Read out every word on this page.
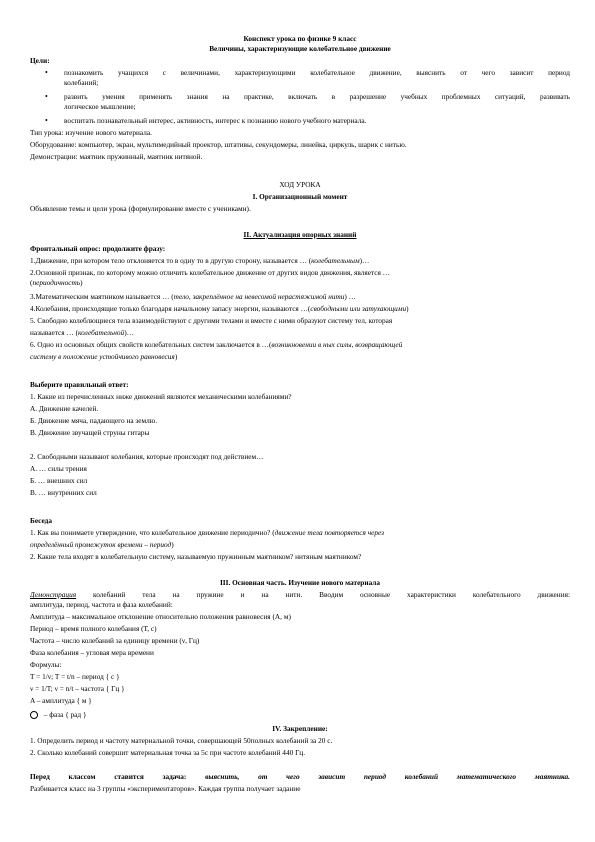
Конспект урока по физике 9 класс
Величины, характеризующие колебательное движение
Цели:
• познакомить учащихся с величинами, характеризующими колебательное движение, выяснить от чего зависит период
колебаний;
• развить умения применять знания на практике, включать в разрешение учебных проблемных ситуаций, развивать
логическое мышление;
• воспитать познавательный интерес, активность, интерес к познанию нового учебного материала.
Тип урока: изучение нового материала.
Оборудование: компьютер, экран, мультимедийный проектор, штативы, секундомеры, линейка, циркуль, шарик с нитью.
Демонстрации: маятник пружинный, маятник нитяной.
ХОД УРОКА
I. Организационный момент
Объявление темы и цели урока (формулирование вместе с учениками).
II. Актуализация опорных знаний
Фронтальный опрос: продолжите фразу:
1.Движение, при котором тело отклоняется то в одну то в другую сторону, называется … (колебательным)…
2.Основной признак, по которому можно отличить колебательное движение от других видов движения, является …
(периодичность)
3.Математическим маятником называется … (тело, закреплённое на невесомой нерастяжимой нити) …
4.Колебания, происходящие только благодаря начальному запасу энергии, называются …(свободными или затухающими)
5. Свободно колеблющиеся тела взаимодействуют с другими телами и вместе с ними образуют систему тел, которая
называется … (колебательной)…
6. Одно из основных общих свойств колебательных систем заключается в …(возникновении в ных силы, возвращающей
систему в положение устойчивого равновесия)
Выберите правильный ответ:
1. Какие из перечисленных ниже движений являются механическими колебаниями?
А. Движение качелей.
Б. Движение мяча, падающего на землю.
В. Движение звучащей струны гитары
2. Свободными называют колебания, которые происходят под действием…
А. … силы трения
Б. … внешних сил
В. … внутренних сил
Беседа
1. Как вы понимаете утверждение, что колебательное движение периодично? (движение тела повторяется через
определённый промежуток времени – период)
2. Какие тела входят в колебательную систему, называемую пружинным маятником? нитяным маятником?
III. Основная часть. Изучение нового материала
Демонстрация колебаний тела на пружине и на нити. Вводим основные характеристики колебательного движения:
амплитуда, период, частота и фаза колебаний:
Амплитуда – максимальное отклонение относительно положения равновесия (А, м)
Период – время полного колебания (Т, с)
Частота – число колебаний за единицу времени (ν, Гц)
Фаза колебания – угловая мера времени
Формулы:
T = 1/ν; T = t/n – период { c }
ν = 1/T; ν = n/t – частота { Гц }
A – амплитуда { м }
– фаза { рад }
IV. Закрепление:
1. Определить период и частоту материальной точки, совершающей 50полных колебаний за 20 с.
2. Сколько колебаний совершит материальная точка за 5с при частоте колебаний 440 Гц.
Перед классом ставится задача: выяснить, от чего зависит период колебаний математического маятника.
Разбивается класс на 3 группы «экспериментаторов». Каждая группа получает задание
